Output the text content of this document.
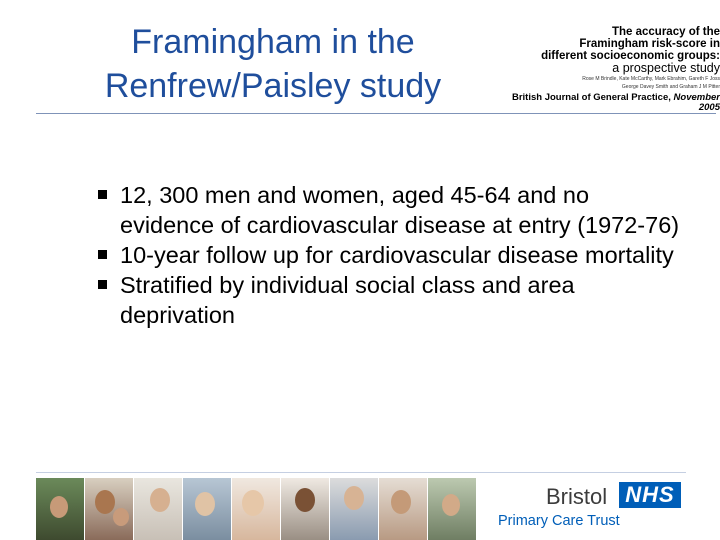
Framingham in the
Renfrew/Paisley study
The accuracy of the
Framingham risk-score in
different socioeconomic groups:
a prospective study
Rose M Brindle, Kate McCarthy, Mark Ebrahim, Gareth F Joss
George Davey Smith and Graham J M Pitter
British Journal of General Practice, November 2005
12, 300 men and women, aged 45-64 and no evidence of cardiovascular disease at entry (1972-76)
10-year follow up for cardiovascular disease mortality
Stratified by individual social class and area deprivation
Bristol NHS
Primary Care Trust
